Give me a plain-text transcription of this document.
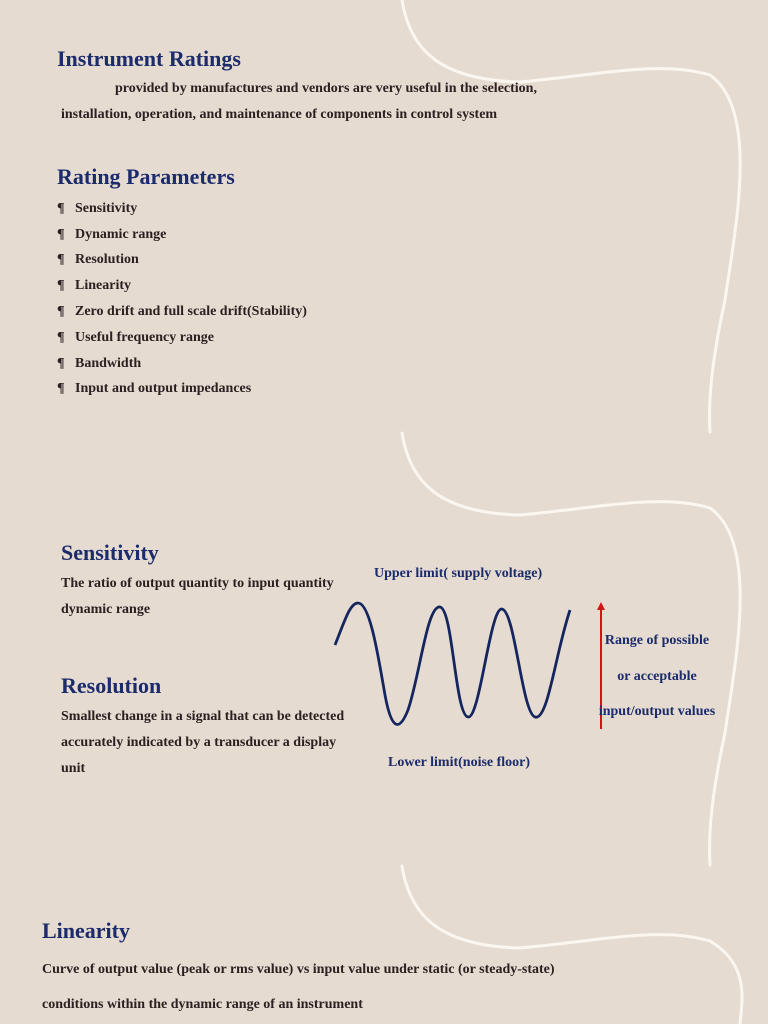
Instrument Ratings
provided by manufactures and vendors are very useful in the selection,
installation, operation, and maintenance of components in control system
Rating Parameters
¶ Sensitivity
¶ Dynamic range
¶ Resolution
¶ Linearity
¶ Zero drift and full scale drift(Stability)
¶ Useful frequency range
¶ Bandwidth
¶ Input and output impedances
Sensitivity
The ratio of output quantity to input quantity
dynamic range
Resolution
Smallest change in a signal that can be detected
accurately indicated by a transducer a display
unit
Upper limit( supply voltage)
Lower limit(noise floor)
Range of possible
or acceptable
input/output values
Linearity
Curve of output value (peak or rms value) vs input value under static (or steady-state)
conditions within the dynamic range of an instrument
